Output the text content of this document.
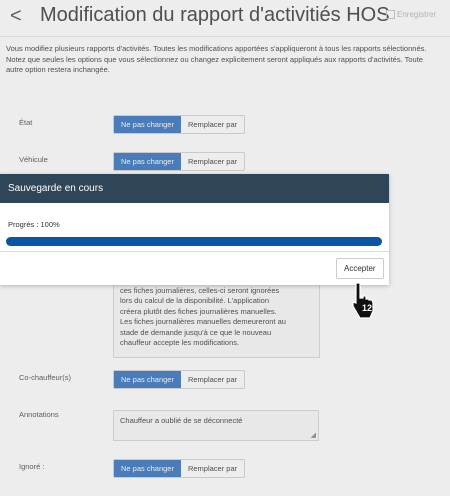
< Modification du rapport d'activitiés HOS Enregistrer
Vous modifiez plusieurs rapports d'activités. Toutes les modifications apportées s'appliqueront à tous les rapports sélectionnés. Notez que seules les options que vous sélectionnez ou changez explicitement seront appliqués aux rapports d'activités. Toute autre option restera inchangée.
État	Ne pas changer	Remplacer par
Véhicule	Ne pas changer	Remplacer par
ces fiches journalières, celles-ci seront ignorées
lors du calcul de la disponibilité. L'application
créera plutôt des fiches journalières manuelles.
Les fiches journalières manuelles demeureront au
stade de demande jusqu'à ce que le nouveau
chauffeur accepte les modifications.
Co-chauffeur(s)	Ne pas changer	Remplacer par
Annotations
Chauffeur a oublié de se déconnecté
◢
Ignoré :	Ne pas changer	Remplacer par
Sauvegarde en cours
Progrès : 100%
Accepter
12
